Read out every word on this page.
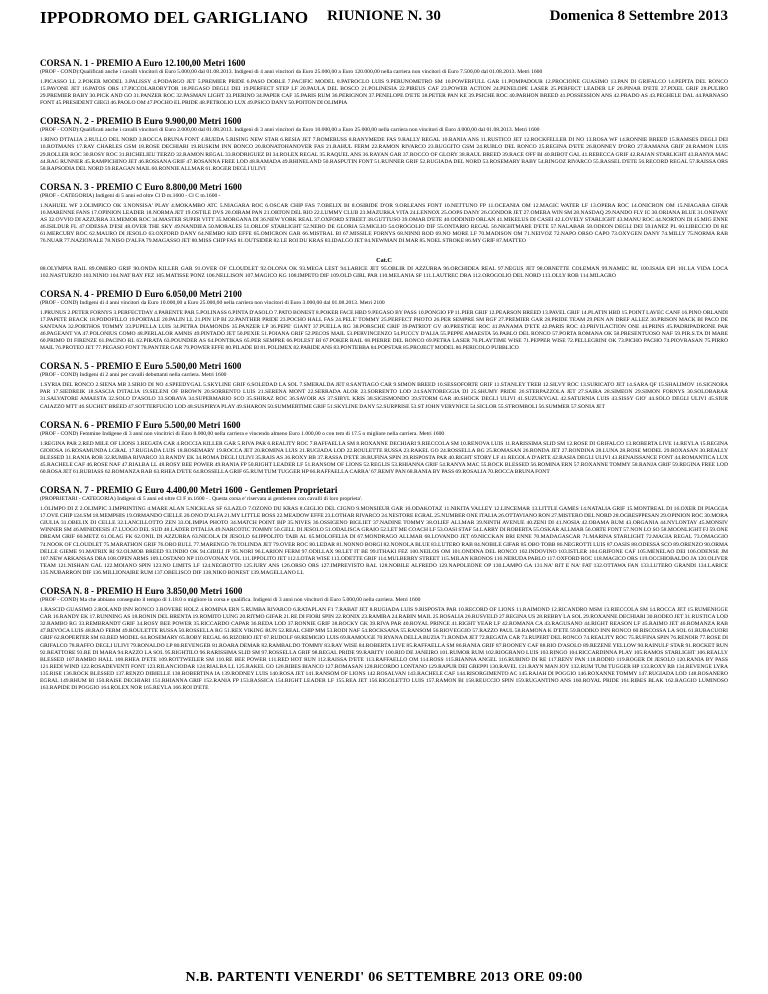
IPPODROMO DEL GARIGLIANO	RIUNIONE N. 30	Domenica 8 Settembre 2013
CORSA N. 1 - PREMIO A Euro 12.100,00 Metri 1600
(PROF - COND):Qualificati anche i cavalli vincitori di Euro 5.000,00 dal 01.08.2013. Indigeni di 4 anni vincitori da Euro 25.000,00 a Euro 120.000,00 nella carriera non vincitori di Euro 7.500,00 dal 01.08.2013. Metri 1600
1.PICASSO LL 2.POKER MODEL 3.PALISSY 4.PODARGO JET 5.PREMIER PRIDE 6.PASO DOBLE 7.PACIFIC MODEL 8.PATROCLO LUIS 9.PERUNOMETRO SM 10.POWERFULL GAR 11.POMPADOUR 12.PROCIONE GUASIMO 13.PAN DI GRIFALCO 14.PEPITA DEL RONCO 15.PAVONE JET 16.PATOS ORS 17.PICCOLAROBYTOR 18.PEGASO DEGLI DEI 19.PERFECT STEP LF 20.PAULA DEL BOSCO 21.POLINESIA 22.PIREUS CAF 23.POWER ACTION 24.PENELOPE LASER 25.PERFECT LEADER LF 26.PINAR D'ETE 27.PIXEL GRIF 28.PULIRO 29.PREMIER BABY 30.PICK AND GO 31.PANZER ROC 32.PASMAN LIGHT 33.PIERINO 34.PAPER CAF 35.PARIS RUM 36.PERIGNON 37.PENELOPE D'ETE 38.PETER PAN KE 39.PSICHE ROC 40.PARHON BREED 41.POSSESSION ANS 42.PRADO AS 43.PEGHELE DAL 44.PARNASO FONT 45.PRESIDENT GIEGI 46.PAOLO OM 47.POCHO EL PRIDE 48.PETROLIO LUX 49.PSICO DANY 50.POITON DI OLIMPIA
CORSA N. 2 - PREMIO B Euro 9.900,00 Metri 1600
(PROF - COND):Qualificati anche i cavalli vincitori di Euro 2.000,00 dal 01.08.2013. Indigeni di 3 anni vincitori da Euro 10.000,00 a Euro 25.000,00 nella carriera non vincitori di Euro 4.000,00 dal 01.08.2013. Metri 1600
1.RINO D'ITALIA 2.RULLO DEL NORD 3.ROCCA BRUNA FONT 4.RUEDA 5.RISING NEW STAR 6.RESIA JET 7.ROMERUSS 8.RANYMEDE FAS 9.RALLY REGAL 10.RANIA ANS 11.RUSTICO JET 12.ROCKFELLER DI NO 13.ROSA WF 14.RONNIE BREED 15.RAMSES DEGLI DEI 16.ROTMANS 17.RAY CHARLES GSM 18.ROSE DECHIARI 19.RUSKIM INN BONCO 20.RONATOHANOVER FAS 21.RAHUL FERM 22.RAMON RIVARCO 23.RUGGITO GSM 24.RUBLO DEL RONCO 25.REGINA D'ETE 26.RONNEY D'ORO 27.RAMANA GRIF 28.RAMON LUIS 29.ROLLER ROC 30.ROSY ROC 31.RICHELIEU TERZO 32.RAMON REGAL 33.RODRIGUEZ BI 34.ROLEX REGAL 35.RAQUEL ANS 36.RAYAN GAR 37.ROCCO OF GLORY 38.RAUL BREED 39.RACE OFF BI 40.RIBOT GAL 41.REBECCA GRIF 42.RAJAN STARLIGHT 43.RANYA MAC 44.RAG RUNNER 45.RAMPICHINO JET 46.ROSSANA GRIF 47.ROSANNA FREE LOD 48.RAMADA 49.RHINELAND 50.RASPUTIN FONT 51.RUNNER GRIF 52.RUGIADA DEL NORD 53.ROSEMARY BABY 54.RINGOZ RIVARCO 55.RASSEL D'ETE 56.RECORD REGAL 57.RAISSA ORS 58.RAPSODIA DEL NORD 59.REAGAN MAIL 60.RONNIE ALLMAR 61.ROGER DEGLI ULIVI
CORSA N. 3 - PREMIO C Euro 8.800,00 Metri 1600
(PROF - CATEGORIA) Indigeni di 5 anni ed oltre Cl D m.1600 - Cl C m.1600 -
1.NAHUEL WF 2.OLIMPICO OK 3.NONSISA' PLAY 4.MOKAMBO ATC 5.NIAGARA ROC 6.OSCAR CHIP FAS 7.OBELIX BI 8.OSIRIDE D'OR 9.ORLEANS FONT 10.NETTUNO FP 11.OCEANIA OM 12.MAGIC WATER LF 13.OPERA ROC 14.ONICRON OM 15.NIAGARA GIFAR 16.MARENNE FANS 17.OPINION LEADER 18.NORMA JET 19.OSTILE DVS 20.OIRAM PAN 21.ORTON DEL RIO 22.LUMMY CLUB 23.MAZURKA VITA 24.LENNOX 25.OOPS DANY 26.GONDOR JET 27.OMERA WIN SM 28.NASDAQ 29.NANDO FLY IC 30.ORIANA BLUE 31.ONEWAY AS 32.OVVIO DI AZZURRA 33.MEMOR ROC 34.MASTER SUPER VITT 35.MORGANA DI 36.NEW YORK REAL 37.OXFORD STREET 38.GUTTUSO 39.OMAR D'ETE 40.ODDINID ORLAN 41.MIKELUS DI CASEI 42.LOVELY STARLIGHT 43.MANU ROC 44.NORTON DI 45.MIG ENNE 46.ISILDUR FL 47.ODESSA D'ESI 48.OVER THE SKY 49.NANDIEA 50.MORALES 51.ORLOF STARLIGHT 52.NERO DE GLORIA 53.MIGLIO 54.OROGOLIO DIF 55.ONTARIO REGAL 56.NIGHTMARE D'ETE 57.NALABAR 58.ODEON DEGLI DEI 59.IANEZ PL 60.LIBECCIO DI RE 61.MERCURY ROC 62.MAURO DI JESOLO 63.OXFORD DANY 64.NEMBO KID EFFE 65.OMICRON GAR 66.MISTRAL BI 67.MISSILE FORNYS 68.NINNI ROD 69.NO MORE LF 70.MADISON OM 71.NEIVOZ 72.NAPO ORSO CAPO 73.OXYGEN DANY 74.MILLY 75.NORMA RAB 76.NUAR 77.NAZIONALE 78.NISO D'ALFA 79.MAGASSO JET 80.MISS CHIP FAS 81.OUTSIDER 82.LE ROI DU KRAS 83.IDALGO JET 84.NEWMAN DI MAR 85.NOEL STROKE 86.MY GRIF 87.MATTEO
Cat.C
88.OLYMPIA RAIL 89.OMERO GRIF 90.ONDA KILLER GAR 91.OVER OF CLOUDLET 92.OLONA OK 93.MEGA LEST 94.LARICE JET 95.OBLIR DI AZZURRA 96.ORCHIDEA REAL 97.NEGUS JET 98.ORNETTE COLEMAN 99.NAMEC RL 100.ISAIA EPI 101.LA VIDA LOCA 102.NASTURZIO 103.NINIO 104.NAT RAY FEZ 105.MATISSE PONZ 106.NELLISON 107.MAGICO KG 108.IMPETO DIF 109.OLD GIRL PAR 110.MELANIA SF 111.LAUTREC DRA 112.OROGOLIO DEL NORD 113.OLLY ROB 114.MILAGRO
CORSA N. 4 - PREMIO D Euro 6.050,00 Metri 2100
(PROF - COND) Indigeni di 4 anni vincitori da Euro 10.000,00 a Euro 25.000,00 nella carriera non vincitori di Euro 3.000,00 dal 01.08.2013. Metri 2100
1.PRUNUS 2.PETER FORNYS 3.PERFECTDAY 4.PARENTE PAR 5.POLINASS 6.PINTA D'ASOLO 7.PATO BONEST 8.POKER FACE HBD 9.PEGASO BY PASS 10.PONGIO FP 11.PIER GRIF 12.PEARSON BREED 13.PAVEL GRIF 14.PLATIN HBD 15.POINT LAVEC CANF 16.PINO ORLANDI 17.PAPETE BEACK 18.PODOFILLO 19.PORTALE 20.PALIN LL 21.PIN UP BI 22.PANTHER PRIDE 23.POCHO HALL FAS 24.PELE' TOMMY 25.PERFECT PHOTO 26.PER SEMPRE SM RGF 27.PREMIER GAR 28.PRIDE TEAM 29.PEN AN DREF ALLEZ 30.PRISON MACK BI PACO DE SANTANA 32.PORTHOS TOMMY 33.PUPELLA LUIS 34.PETRA DIAMONDS 35.PANZER LP 36.PEPE' GIANT 37.PUELLA RG 38.PORSCHE GRIF 39.PATRIOT GV 40.PRESTIGE ROC 41.PANAMA D'ETE 42.PARIS ROC 43.PRIVILACTION ONE 44.PRINS 45.PADRIPADRONE PAR 46.PAGEANT VA 47.POLONIUS COMO 48.PERLALOR AMNIS 49.PINTADO JET 50.PEXIE 51.POIANA GRIF 52.PECOS MAIL 53.PERVINCENZO 54.PUCCY D'ALIA 55.PEPPE AMAESTA 56.PABLO DEL RONCO 57.PORTA ROMANA OK 58.PRESENTUOSO NAF 59.PIR.S.TA DI MARE 60.PRIMO DI FIRENZE 61.PACINO RL 62.PIRATA 63.POUNDER AS 64.PONTIKAS 65.PER SEMPRE 66.POLEST BI 67.POKER RAIL 68.PIERRE DEL RONCO 69.PETRA LASER 70.PLAYTIME WISE 71.PEPPER WISE 72.PELLEGRINI OK 73.PICHO PACHO 74.PIOVRASAN 75.PIRRO MAIL 76.PROTEO JET 77.PEGASO FONT 78.PANTER GAR 79.POWER EFFE 80.PILADE BI 81.POLIMEX 82.PARIDE ANS 83.PONTEBBA 84.POPSTAR 85.PROJECT MODEL 86.PERICOLO PUBBLICO
CORSA N. 5 - PREMIO E Euro 5.500,00 Metri 1600
(PROF - COND) Indigeni di 2 anni per cavalli debuttanti nella carriera. Metri 1600
1.SYRIA DEL RONCO 2.SIENA MB 3.SIRIO DI NO 4.SPEEDYGAL 5.SKYLINE GRIF 6.SOLEDAD LA SOL 7.SMERALDA JET 8.SANTIAGO CAR 9.SIMON BREED 10.SESSOFORTE GRIF 11.STANLEY TREB 12.SILVY ROC 13.SURICATO JET 14.SARA QF 15.SHALIMOV 16.SIGNORA PAR 17.SIEDREIK 18.SASCIA D'ITALIA 19.SELENI OF BROWN 20.SORRENTO LUIS 21.SERENA MONT 22.SERRADA ALOR 23.SORRENTO LOD 24.SANTOREGGIA DI 25.SHUMY PRIDE 26.STERPAZZOLA JET 27.SAIRA 28.SIMEON 29.SIMON FORNYS 30.SOLOBARAR 31.SALVATORE AMAESTA 32.SOLO D'ASOLO 33.SORAYA 34.SUPERMARIO SCO 35.SHIRAZ ROC 36.SAVOIR AS 37.SIBYL KRIS 38.SIGISMONDO 39.STORM GAR 40.SHOCK DEGLI ULIVI 41.SUZUKYGAL 42.SATURNIA LUIS 43.SISSY GIO' 44.SOLO DEGLI ULIVI 45.SIUR CAIAZZO MTT 46.SUCHET BREED 47.SOTTERFUGIO LOD 48.SUSPIRYA PLAY 49.SHARON 50.SUMMERTIME GRIF 51.SKYLINE DANY 52.SURPRISE 53.ST JOHN VERYNICE 54.SICLOR 55.STROMBOLI 56.SUMMER 57.SONIA JET
CORSA N. 6 - PREMIO F Euro 5.500,00 Metri 1600
(PROF - COND) Femmine Indigene di 3 anni non vincitrici di Euro 8.000,00 nella carriera e vincendo almeno Euro 1.000,00 o con tem di 17.5 o migliore nella carriera. Metri 1600
1.REGINA PAR 2.RED MILE OF LIONS 3.REGATA CAR 4.ROCCIA KILLER GAR 5.RIVA PAR 6.REALITY ROC 7.RAFFAELLA SM 8.ROXANNE DECHIARI 9.RIECCOLA SM 10.RENOVA LUIS 11.RARISSIMA SLID SM 12.ROSE DI GRIFALCO 13.ROBERTA LIVE 14.REYLA 15.REGINA GIOIOSA 16.ROSAMUNDA LGRAL 17.RUGIADA LUIS 18.ROSEMARY 19.ROCCA JET 20.ROMINA LUIS 21.RUGIADA LOD 22.ROULETTE RUSSA 23.RAKEL GO 24.ROSSELLA BG 25.ROMASAN 26.RONDA JET 27.RONDINA 28.LUNA 28.ROSE MODEL 29.ROXASAN 30.REALLY BLESSED 31.RANIA ROB 32.RUMBA RIVARCO 33.RANDY EK 34.ROMA DEGLI ULIVI 35.RAIS AS 36.ROXY BB 37.RASSA D'ETE 38.RUFINA SPIN 39.RISPOSTA PAR 40.RIGHT STORY LF 41.REGOLA D'ARTE 42.RASIA DEGLI ULIVI 43.RENAISSANCE FONT 44.ROMANTICA LUX 45.RACHELE CAF 46.ROSE NAF 47.RIALBA LL 48.ROSY BEE POWER 49.RANIA FP 50.RIGHT LEADER LF 51.RANSOM OF LIONS 52.REGLIS 53.RHIANNA GRIF 54.RANYA MAC 55.ROCK BLESSED 56.ROMINA ERN 57.ROXANNE TOMMY 58.RANJA GRIF 59.REGINA FREE LOD 60.ROSA JET 61.RUBIASS 62.ROMANZA RAB 63.RHEA D'ETE 64.ROSSELLA GRIF 65.RUM TUM TUGGER HP 66.RAFFAELLA CARRA' 67.REMY PAN 68.RANIA BY PASS 69.ROSALIA 70.ROCCA BRUNA FONT
CORSA N. 7 - PREMIO G Euro 4.400,00 Metri 1600 - Gentlemen Proprietari
(PROPRIETARI - CATEGORIA) Indigeni di 5 anni ed oltre Cl F m.1600 - . Questa corsa e' riservata ai gentlemen con cavalli di loro proprieta'.
1.OLIMPO DI Z 2.OLIMPIC 3.IMPRINTING 4.MARE ALAN 5.NICKLAS SF 6.LAZLO 7.OZONO DU KRAS 8.GIGLIO DEL CIGNO 9.MONSIEUR GAR 10.ODAKOTAZ 11.NIKITA VALLEY 12.LINCEMAR 13.LITTLE GAMES 14.NATALIA GRIF 15.MONTREAL DI 16.OXER DI PIAGGIA 17.OVE CHIP 124.SM 18.MEMPHIS 19.ORMANDO CIELLE 20.ONO D'ALFA 21.MY LITTLE BOSS 22.MEADOW EFFE 23.LOTHAR RIVARCO 24.NESTORE EGRAL 25.NUMBER ONE ITALIA 26.OTTAVIANO RON 27.MISTERO DEL NORD 28.OGRESPPESAN 29.OPINION ROC 30.MORA GIULIA 31.OBELIX DI CELLE 32.LANCILLOTTO ZEN 33.OLIMPIA PHOTO 34.MATCH POINT BIP 35.NIVES 36.OSSIGENO BIGLIET 37.NADINE TOMMY 38.OLIEF ALLMAR 39.NINTH AVENUE 40.ZENI DI 41.NOSIA 42.OBAMA RUM 43.ORGANIA 44.NYLONTAY 45.MONSIV WINNER SM 46.MINIDIESIS 47.LUOGO DEL SUD 48.LADER D'ITALIA 49.NARCOTIC TOMMY 50.GELL DI JESOLO 51.ODALISCA GRAIO 52.LET ME COACH LF 53.OASI STAF 54.LARRY DI ROBERTA 55.OSKAR ALLMAR 56.ORTE FONT 57.NON LO SO 58.MOONLIGHT FJ 59.ONE DREAM GRIF 60.METZ 61.OLAG FK 62.ONIL DI AZZURRA 63.NICOLA DI JESOLO 64.IPPOLITO TAIB AL 65.MOLOFELIA DI 67.MONDRAGO ALLMAR 68.LOVANDO JET 69.NICCKAN BRI ENNE 70.MADAGASCAR 71.MARINA STARLIGHT 72.MAGIA REGAL 73.OMAGGIO 74.NOOK OF CLOUDLET 75.MARATHON GRIF 76.ORO BULL 77.MARENGO 78.TOLINDA JET 79.OVER ROC 80.LEDAR 81.NONNO BORGI 82.NONOLA BLUE 83.LUTERO RAB 84.NOBILE GIFAR 85.OBO TOBB 86.NEGROTTI LUIS 87.OASIS 88.ODESSA SCO 89.ORENZO 90.ORMA DELLE GIEME 91.MATRIX RI 92.OLMOB BREED 93.INDIO OK 94.GIBILI JF 95.NORI 96.LARION FERM 97.ODILLAX 98.LET IT BE 99.ITHAKI FEZ 100.NEILOS OM 101.ONDINA DEL RONCO 102.INDOVINO 103.ISTLER 104.GRIFONE CAF 105.MENELAO DEI 106.ODENSE JM 107.NEW ARKANSAS DRA 108.OPEN ARMS 109.LOSTANO NP 110.OVONAX VOL 111.IPPOLITO JET 112.LOTAR WISE 113.ODETTE GRIF 114.MULBERRY STREET 115.MILAN KRONOS 116.NERUDA PABLO 117.OXFORD ROC 118.MAGICO ORS 119.OCCHIOBALDO JA 120.OLIVER TEAM 121.NISHAN GAL 122.MOIANO SPIN 123.NO LIMITS LF 124.NEGROTTO 125.IURY ANS 126.ORSO ORS 127.IMPREVISTO RAL 128.NOBILE ALFREDO 129.NAPOLEONE OP 130.LAMPO GA 131.NA' RIT E NA' FAT 132.OTTAWA FAN 133.LUTERO GRANDI 134.LARICE 135.NUBARRON DIF 136.MILLIONAIRE RUM 137.OBELISCO DIF 138.NIKO BONEST 139.MAGELLANO LL
CORSA N. 8 - PREMIO H Euro 3.850,00 Metri 1600
(PROF - COND) Ma che abbiano conseguito il tempo di 1.18.0 o migliore in corsa e qualifica. Indigeni di 3 anni non vincitori di Euro 5.000,00 nella carriera. Metri 1600
1.RASCID GUASIMO 2.ROLAND INN RONCO 3.ROVERE HOLZ 4.ROMINA ERN 5.RUMBA RIVARCO 6.RATAPLAN F1 7.RABAT JET 8.RUGIADA LUIS 9.RISPOSTA PAR 10.RECORD OF LIONS 11.RAIMOND 12.RICANDRO MSM 13.RIECCOLA SM 14.ROCCA JET 15.RUMENIGGE CAR 16.RANDY EK 17.RUNNING AS 18.RONIN DEL BRENTA 19.ROMITO LUNG 20.RITMO GIFAR 21.RE DI FIORI SPIN 22.RONIX 23.RAMIRA 24.RABIN MAIL 25.ROSALIA 26.RUSVELD 27.REGINA US 28.REBBY LA SOL 29.ROXANNE DECHIARI 30.RODEO JET 31.RUSTICA LOD 32.RAMBO RG 33.REMBRANDT GRIF 34.ROSY BEE POWER 35.RICCARDO CAPAR 36.REDA LOD 37.RONNIE GRIF 38.ROCKY GK 39.RIVA PAR 40.ROYAL PRINCE 41.RIGHT YEAR LF 42.ROMANA CA 43.RAGUSANO 44.RIGHT REASON LF 45.RAIMO JET 46.ROMANZA RAB 47.REVOCA LUIS 48.RAO FERM 49.ROULETTE RUSSA 50.ROSSELLA RG 51.REX VIKING RUN 52.REAL CHIP MM 53.RODI NAF 54.ROCKSANA 55.RANSOM 56.RIOVEGGIO 57.RAZZO PAUL 58.RAMONA K D'ETE 59.RODIKO INN RONCO 60.RISCOSSA LA SOL 61.RUBACUORI GRIF 62.ROPERTER SM 63.RED MODEL 64.ROSEMARY 65.ROBY REGAL 66.RIZOBIO JET 67.RUDOLF 68.REMIGIO LUIS 69.RAMOUGE 70.RYANA DELLA BUZIA 71.RONDA JET 72.REGATA CAR 73.RUPERT DEL RONCO 74.REALITY ROC 75.RUFINA SPIN 76.RENOIR 77.ROSE DI GRIFALCO 78.RAFFO DEGLI ULIVI 79.RONALDO LP 80.REVENGER 81.ROARA DEMAR 82.RAMBALDO TOMMY 83.RAY WISE 84.ROBERTA LIVE 85.RAFFAELLA SM 86.RANIA GRIF 87.ROONEY CAF 88.RIO D'ASOLO 89.REZENE YELLOW 90.RAINULF STAR 91.ROCKET RUN 92.REATTORE 93.RE DI MARA 94.RAZZO LA SOL 95.RIGHTILO 96.RARISSIMA SLID SM 97.ROSSELLA GRIF 98.REGAL PRIDE 99.RARITY 100.RIO DE JANEIRO 101.RUMOR RUM 102.RIOGRANO LUIS 103.RINGO 104.RICCARDINNA PLAY 105.RAMOS STARLIGHT 106.REALLY BLESSED 107.RAMBO HALL 108.RHEA D'ETE 109.ROTTWEILER SM 110.RE BEE POWER 111.RED HOT RUN 112.RAISSA D'ETE 113.RAFFAELLO OM 114.ROSS 115.RIANNA ANGEL 116.RUBINO DI RE 117.RENY PAN 118.RODIO 119.ROGER DI JESOLO 120.RANIA BY PASS 121.REDI WIND 122.ROSADEVENTI FONT 123.RILANCIODAR 124.RIALBA LL 125.RAKEL GO 126.RIBES BIANCO 127.ROMASAN 128.RICORDO LONTANO 129.RAPUR DEI GREPPI 130.RAVEL 131.RAYN MAN JOY 132.RUM TUM TUGGER HP 133.ROXY RB 134.REVENGE LYRA 135.RISE 136.ROCK BLESSED 137.RENZO DIBIELLE 138.ROBERTINA IA 139.RODNEY LUIS 140.ROSA JET 141.RANSOM OF LIONS 142.ROSALVAN 143.RACHELE CAF 144.RISORGIMENTO AC 145.RAJAH DI POGGIO 146.ROXANNE TOMMY 147.RUGIADA LOD 148.ROSANERO EGRAL 149.RHUM BI 150.RAISE DECHIARI 151.RHIANNA GRIF 152.RANIA FP 153.RASSICA 154.RIGHT LEADER LF 155.REA JET 156.RIGOLETTO LUIS 157.RAMON BI 158.REUCCIO SPIN 159.RUGANTINO ANS 160.ROYAL PRIDE 161.RIBES BLAK 162.RAGGIO LUMINOSO 163.RAPIDE DI POGGIO 164.ROLEX NOR 165.REYLA 166.ROI D'ETE
N.B. PARTENTI VENERDI' 06 SETTEMBRE 2013 ORE 09:00
